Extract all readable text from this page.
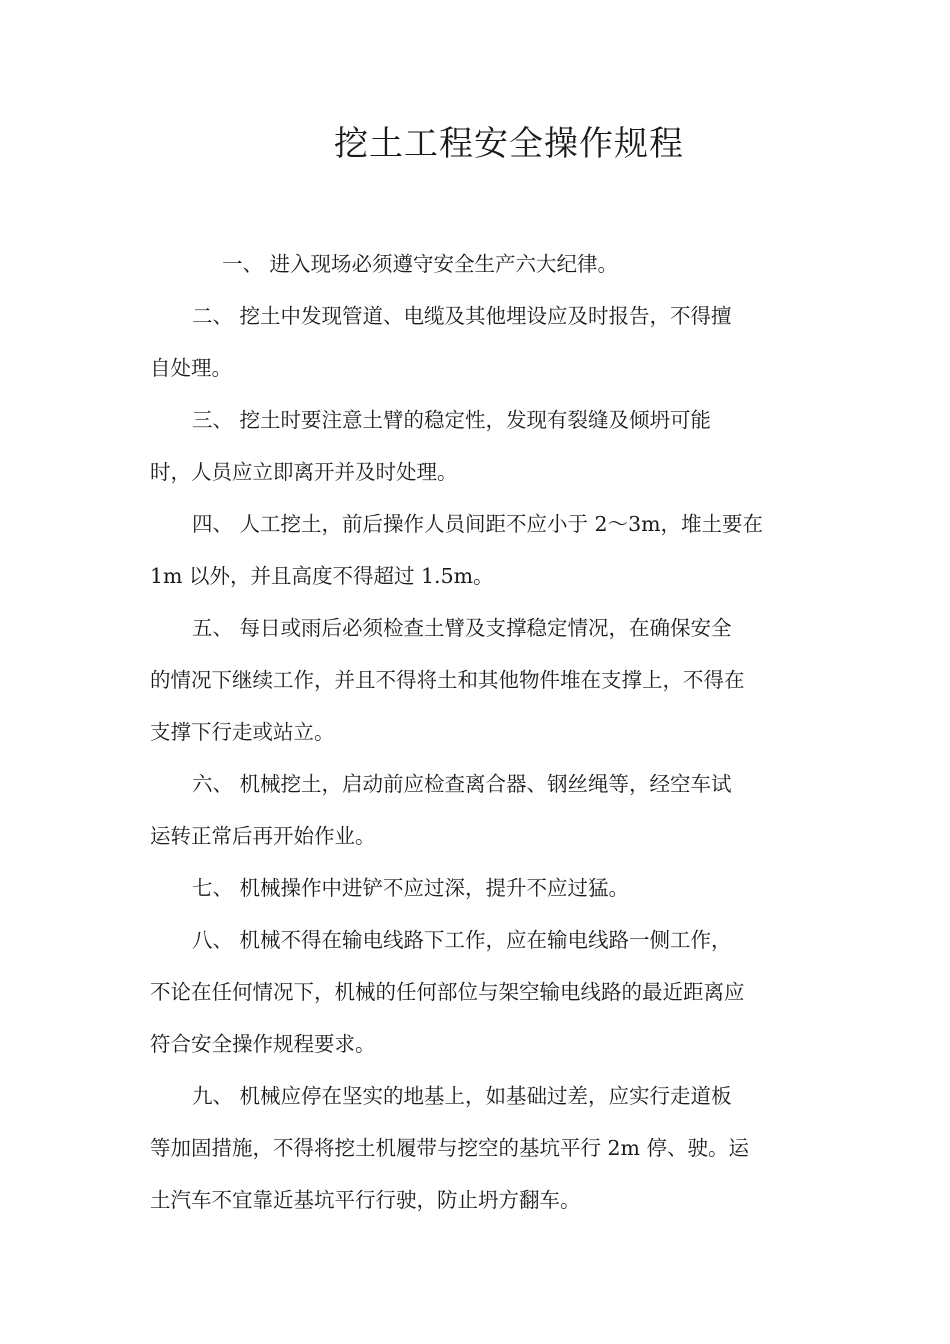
挖土工程安全操作规程

一、 进入现场必须遵守安全生产六大纪律。

二、 挖土中发现管道、电缆及其他埋设应及时报告，不得擅
自处理。

三、 挖土时要注意土臂的稳定性，发现有裂缝及倾坍可能
时，人员应立即离开并及时处理。

四、 人工挖土，前后操作人员间距不应小于 2～3m，堆土要在
1m 以外，并且高度不得超过 1.5m。

五、 每日或雨后必须检查土臂及支撑稳定情况，在确保安全
的情况下继续工作，并且不得将土和其他物件堆在支撑上，不得在
支撑下行走或站立。

六、 机械挖土，启动前应检查离合器、钢丝绳等，经空车试
运转正常后再开始作业。

七、 机械操作中进铲不应过深，提升不应过猛。

八、 机械不得在输电线路下工作，应在输电线路一侧工作，
不论在任何情况下，机械的任何部位与架空输电线路的最近距离应
符合安全操作规程要求。

九、 机械应停在坚实的地基上，如基础过差，应实行走道板
等加固措施，不得将挖土机履带与挖空的基坑平行 2m 停、驶。运
土汽车不宜靠近基坑平行行驶，防止坍方翻车。
